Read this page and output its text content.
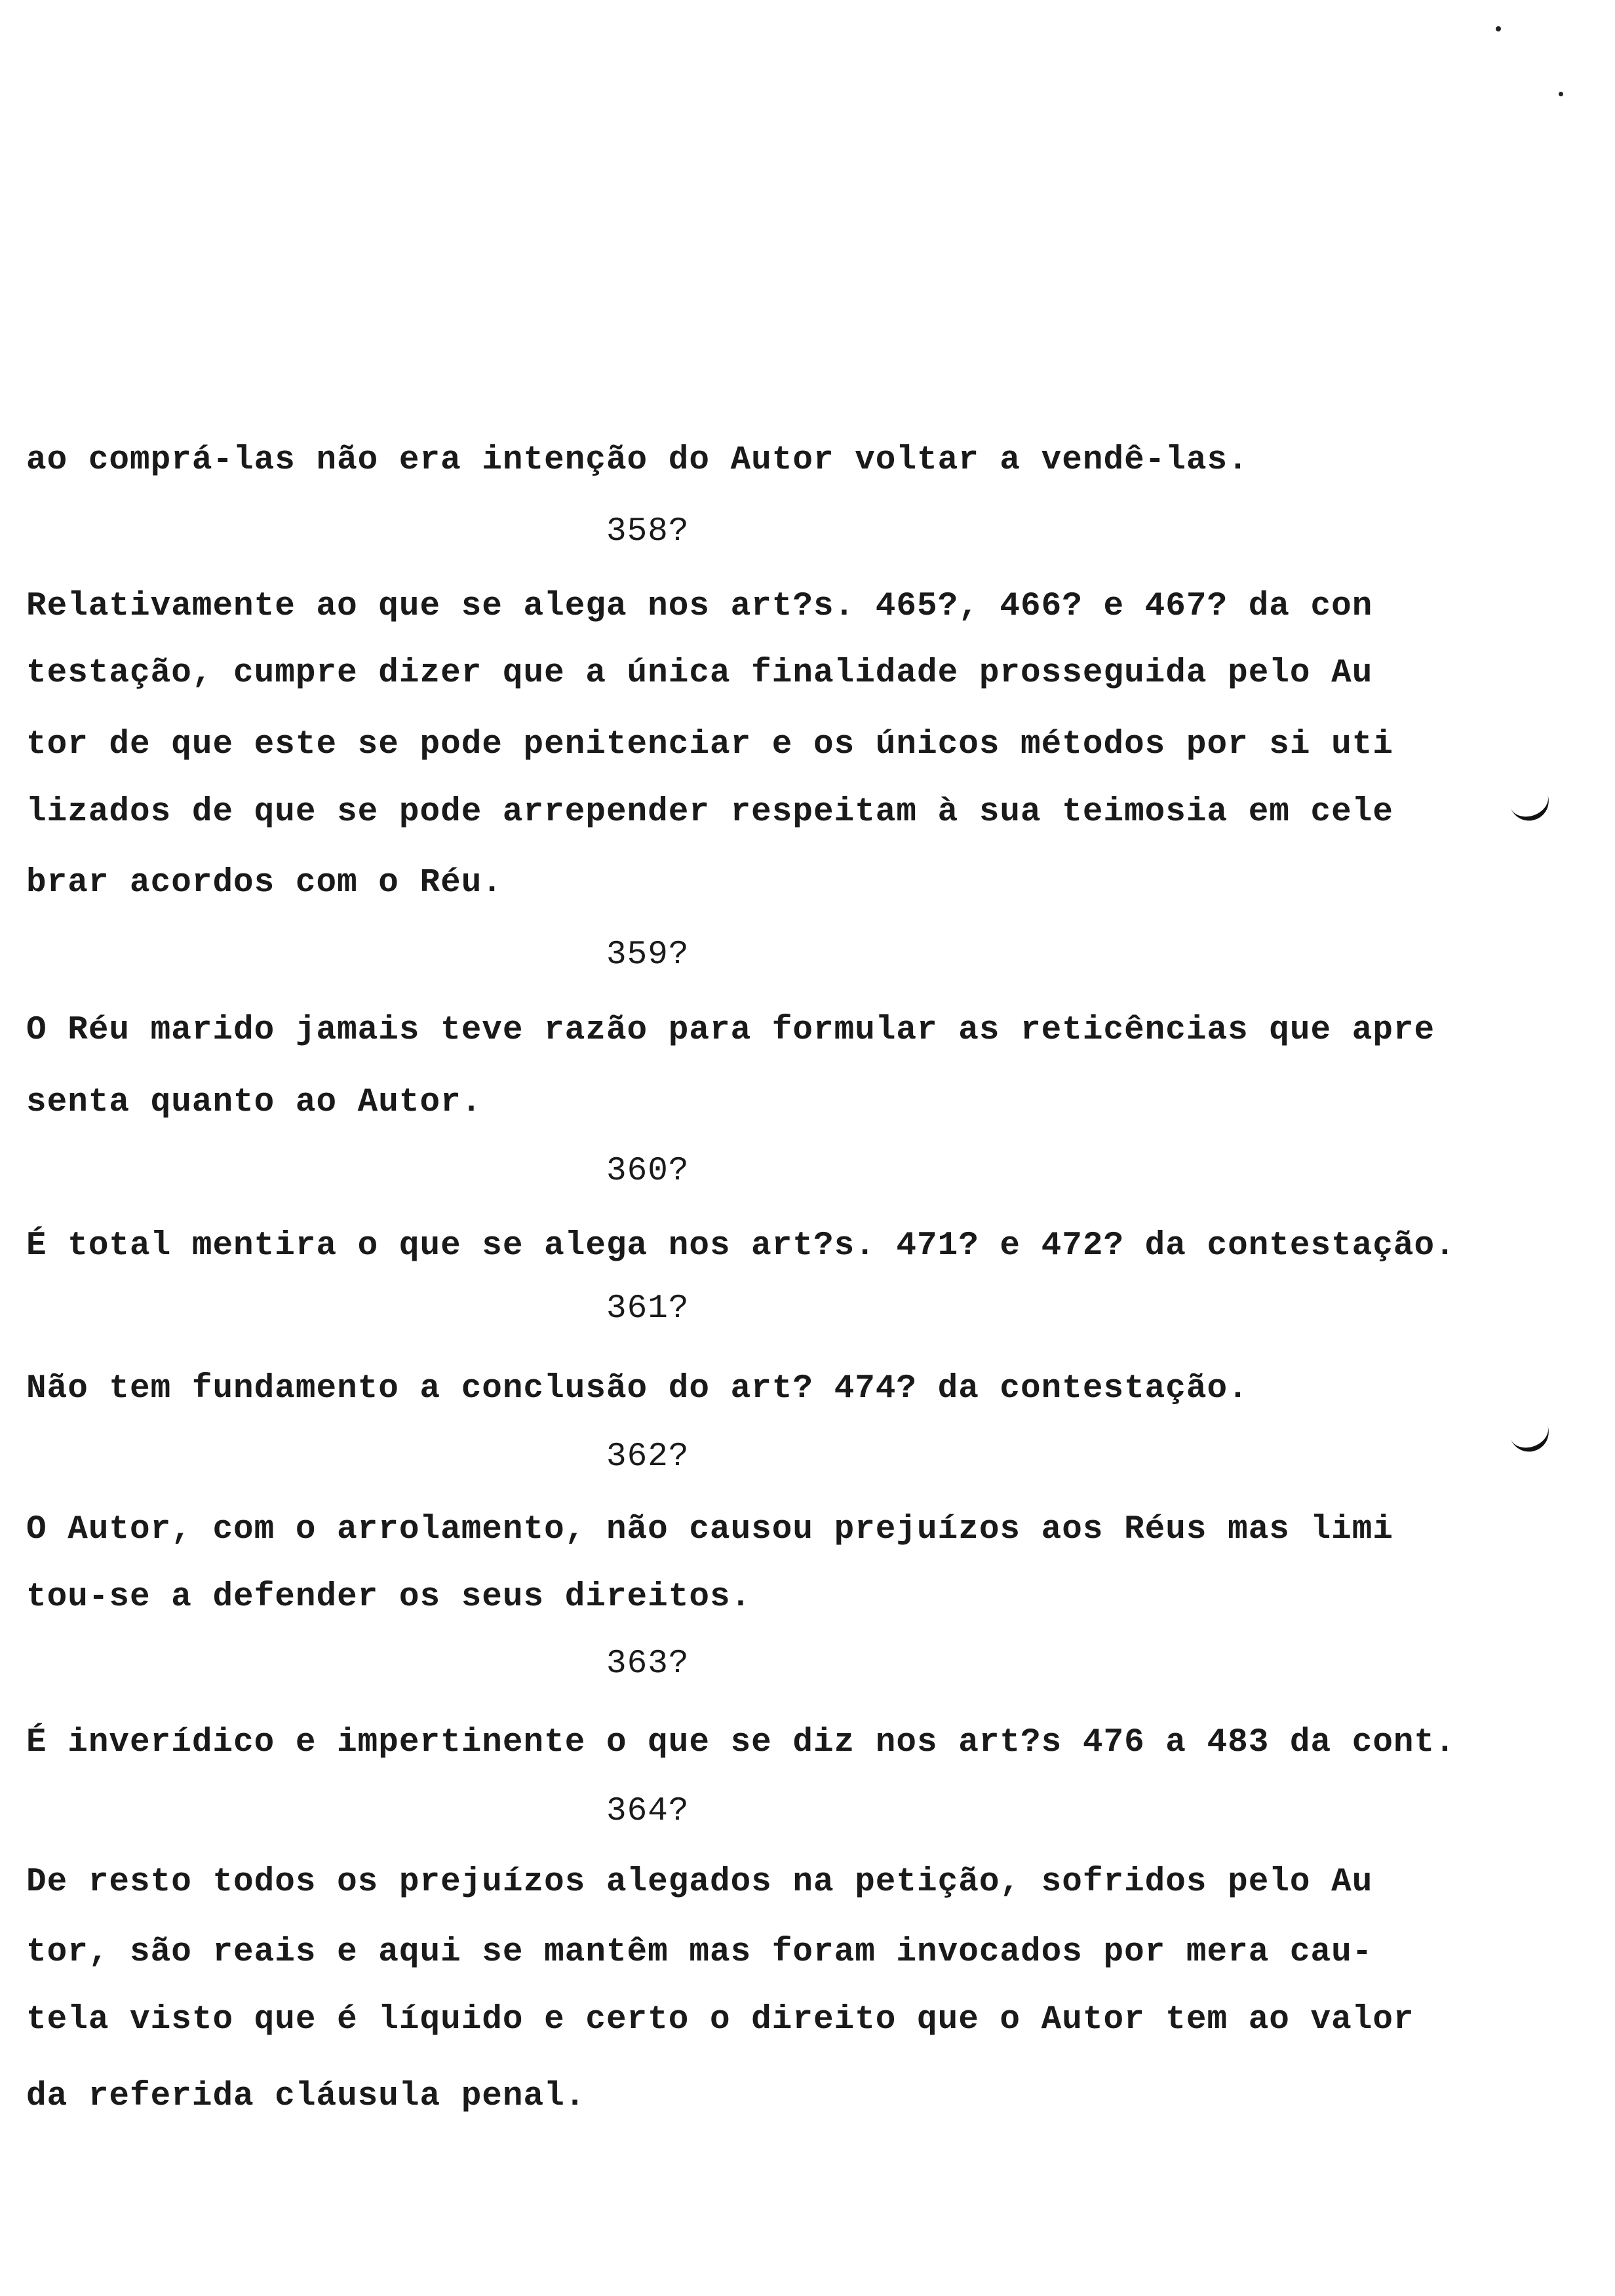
ao comprá-las não era intenção do Autor voltar a vendê-las.
358?
Relativamente ao que se alega nos art?s. 465?, 466? e 467? da con
testação, cumpre dizer que a única finalidade prosseguida pelo Au
tor de que este se pode penitenciar e os únicos métodos por si uti
lizados de que se pode arrepender respeitam à sua teimosia em cele
brar acordos com o Réu.
359?
O Réu marido jamais teve razão para formular as reticências que apre
senta quanto ao Autor.
360?
É total mentira o que se alega nos art?s. 471? e 472? da contestação.
361?
Não tem fundamento a conclusão do art? 474? da contestação.
362?
O Autor, com o arrolamento, não causou prejuízos aos Réus mas limi
tou-se a defender os seus direitos.
363?
É inverídico e impertinente o que se diz nos art?s 476 a 483 da cont.
364?
De resto todos os prejuízos alegados na petição, sofridos pelo Au
tor, são reais e aqui se mantêm mas foram invocados por mera cau-
tela visto que é líquido e certo o direito que o Autor tem ao valor
da referida cláusula penal.
